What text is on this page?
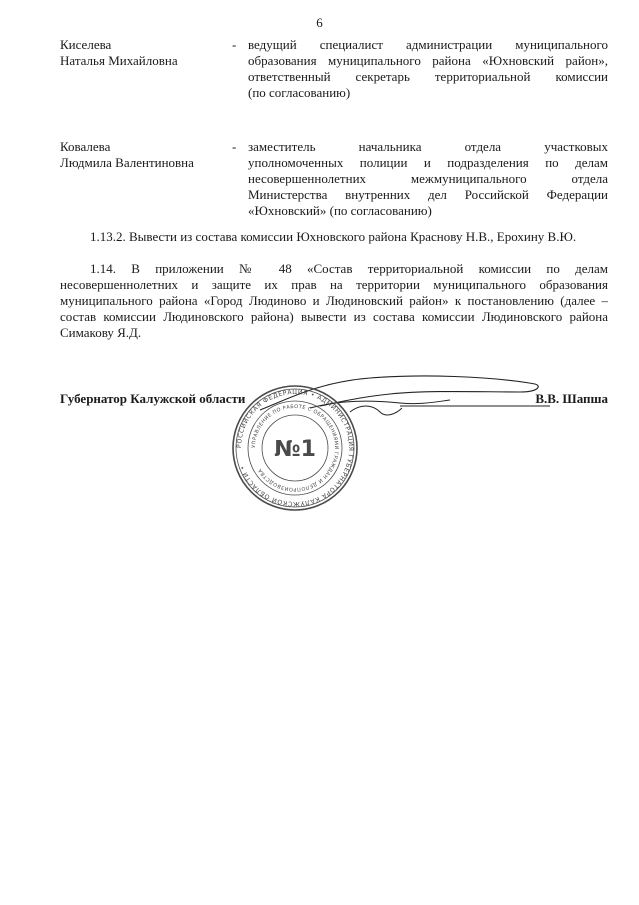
6
Киселева
Наталья Михайловна
- ведущий специалист администрации муниципального
образования муниципального района «Юхновский район»,
ответственный секретарь территориальной комиссии
(по согласованию)
Ковалева
Людмила Валентиновна
- заместитель начальника отдела участковых
уполномоченных полиции и подразделения по делам
несовершеннолетних межмуниципального отдела
Министерства внутренних дел Российской Федерации
«Юхновский» (по согласованию)
1.13.2. Вывести из состава комиссии Юхновского района Краснову Н.В., Ерохину В.Ю.
1.14. В приложении № 48 «Состав территориальной комиссии по делам несовершеннолетних и защите их прав на территории муниципального образования муниципального района «Город Людиново и Людиновский район» к постановлению (далее – состав комиссии Людиновского района) вывести из состава комиссии Людиновского района Симакову Я.Д.
РОССИЙСКАЯ ФЕДЕРАЦИЯ • АДМИНИСТРАЦИЯ ГУБЕРНАТОРА КАЛУЖСКОЙ ОБЛАСТИ •
УПРАВЛЕНИЕ ПО РАБОТЕ С ОБРАЩЕНИЯМИ ГРАЖДАН И ДЕЛОПРОИЗВОДСТВА
№1
Губернатор Калужской области	В.В. Шапша
